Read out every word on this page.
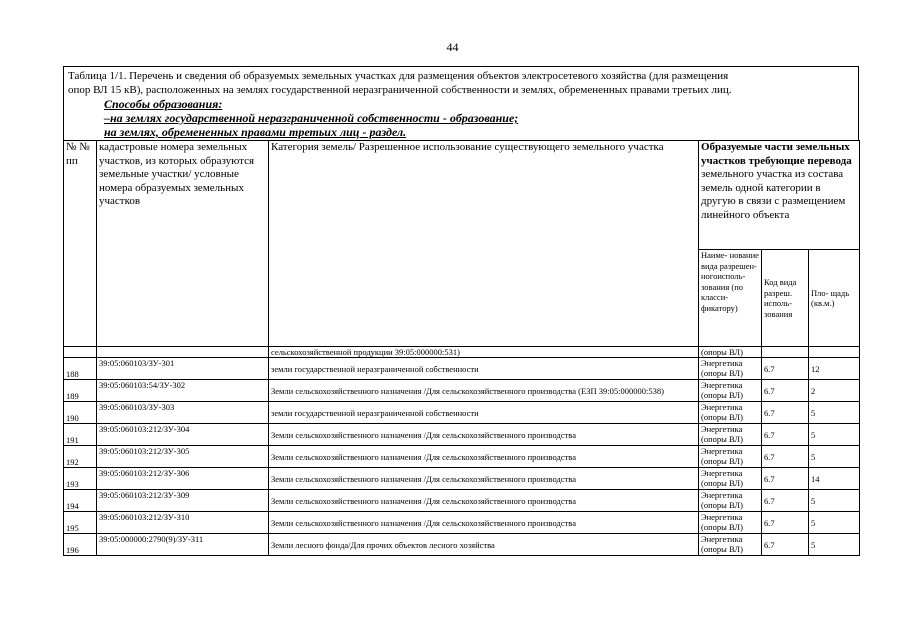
44
Таблица 1/1. Перечень и сведения об образуемых земельных участках для размещения объектов электросетевого хозяйства (для размещения
опор ВЛ 15 кВ), расположенных на землях государственной неразграниченной собственности и землях, обремененных правами третьих лиц.
Способы образования:
–на землях государственной неразграниченной собственности - образование;
на землях, обремененных правами третьих лиц - раздел.
№ № пп	кадастровые номера земельных участков, из которых образуются земельные участки/ условные номера образуемых земельных участков	Категория земель/ Разрешенное использование существующего земельного участка	Образуемые части земельных участков требующие перевода земельного участка из состава земель одной категории в другую в связи с размещением линейного объекта		
			Наиме- нование вида разрешен- ногоисполь- зования (по класси- фикатору)	Код вида разреш. исполь- зования	Пло- щадь (кв.м.)
		сельскохозяйственной продукции 39:05:000000:531)	(опоры ВЛ)		
188	39:05:060103/ЗУ-301	земли государственной неразграниченной собственности	Энергетика (опоры ВЛ)	6.7	12
189	39:05:060103:54/ЗУ-302	Земли сельскохозяйственного назначения /Для сельскохозяйственного производства (ЕЗП 39:05:000000:538)	Энергетика (опоры ВЛ)	6.7	2
190	39:05:060103/ЗУ-303	земли государственной неразграниченной собственности	Энергетика (опоры ВЛ)	6.7	5
191	39:05:060103:212/ЗУ-304	Земли сельскохозяйственного назначения /Для сельскохозяйственного производства	Энергетика (опоры ВЛ)	6.7	5
192	39:05:060103:212/ЗУ-305	Земли сельскохозяйственного назначения /Для сельскохозяйственного производства	Энергетика (опоры ВЛ)	6.7	5
193	39:05:060103:212/ЗУ-306	Земли сельскохозяйственного назначения /Для сельскохозяйственного производства	Энергетика (опоры ВЛ)	6.7	14
194	39:05:060103:212/ЗУ-309	Земли сельскохозяйственного назначения /Для сельскохозяйственного производства	Энергетика (опоры ВЛ)	6.7	5
195	39:05:060103:212/ЗУ-310	Земли сельскохозяйственного назначения /Для сельскохозяйственного производства	Энергетика (опоры ВЛ)	6.7	5
196	39:05:000000:2790(9)/ЗУ-311	Земли лесного фонда/Для прочих объектов лесного хозяйства	Энергетика (опоры ВЛ)	6.7	5
